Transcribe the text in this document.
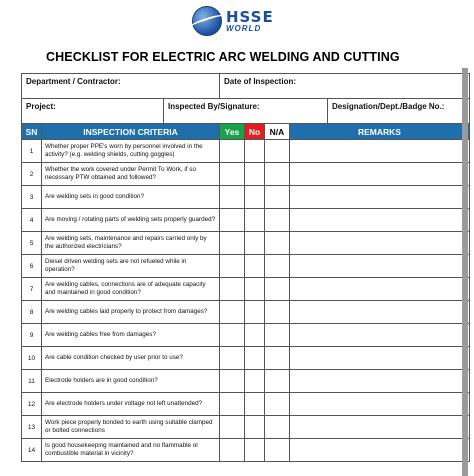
HSSE
WORLD
CHECKLIST FOR ELECTRIC ARC WELDING AND CUTTING
Department / Contractor:			Date of Inspection:				
Project:		Inspected By/Signature:					Designation/Dept./Badge No.:
SN	INSPECTION CRITERIA		Yes	No	N/A	REMARKS	
1	Whether proper PPE's worn by personnel involved in the activity? (e.g. welding shields, cutting goggles)						
2	Whether the work covered under Permit To Work, if so necessary PTW obtained and followed?						
3	Are welding sets in good condition?						
4	Are moving / rotating parts of welding sets properly guarded?						
5	Are welding sets, maintenance and repairs carried only by the authorized electricians?						
6	Diesel driven welding sets are not refueled while in operation?						
7	Are welding cables, connections are of adequate capacity and maintained in good condition?						
8	Are welding cables laid properly to protect from damages?						
9	Are welding cables free from damages?						
10	Are cable condition checked by user prior to use?						
11	Electrode holders are in good condition?						
12	Are electrode holders under voltage not left unattended?						
13	Work piece properly bonded to earth using suitable clamped or bolted connections						
14	Is good housekeeping maintained and no flammable or combustible material in vicinity?						
